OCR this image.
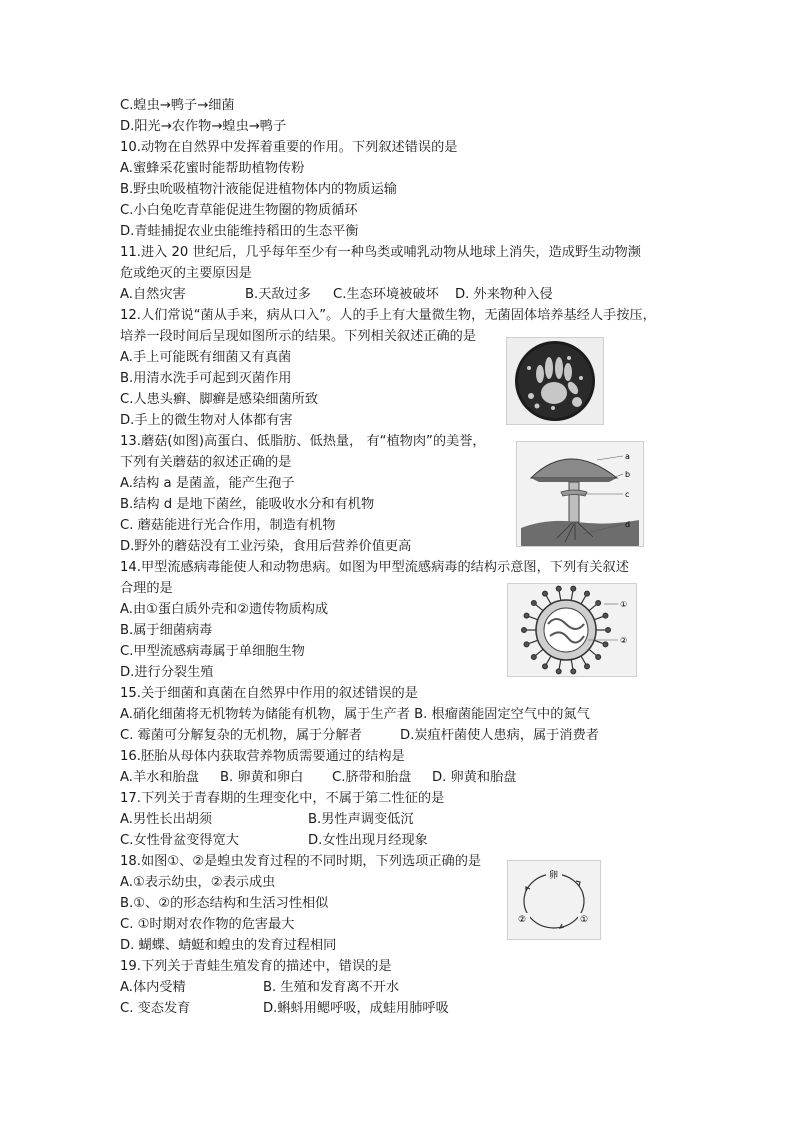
C.蝗虫→鸭子→细菌
D.阳光→农作物→蝗虫→鸭子
10.动物在自然界中发挥着重要的作用。下列叙述错误的是
A.蜜蜂采花蜜时能帮助植物传粉
B.野虫吮吸植物汁液能促进植物体内的物质运输
C.小白兔吃青草能促进生物圈的物质循环
D.青蛙捕捉农业虫能维持稻田的生态平衡
11.进入 20 世纪后，几乎每年至少有一种鸟类或哺乳动物从地球上消失，造成野生动物濒
危或绝灭的主要原因是
A.自然灾害	B.天敌过多 C.生态环境被破坏 D. 外来物种入侵
12.人们常说“菌从手来，病从口入”。人的手上有大量微生物，无菌固体培养基经人手按压，
培养一段时间后呈现如图所示的结果。下列相关叙述正确的是
A.手上可能既有细菌又有真菌
B.用清水洗手可起到灭菌作用
C.人患头癣、脚癣是感染细菌所致
D.手上的微生物对人体都有害
13.蘑菇(如图)高蛋白、低脂肪、低热量， 有“植物肉”的美誉，
下列有关蘑菇的叙述正确的是
A.结构 a 是菌盖，能产生孢子
B.结构 d 是地下菌丝，能吸收水分和有机物
C. 蘑菇能进行光合作用，制造有机物
D.野外的蘑菇没有工业污染，食用后营养价值更高
a
b
c
d
14.甲型流感病毒能使人和动物患病。如图为甲型流感病毒的结构示意图，下列有关叙述
合理的是
A.由①蛋白质外壳和②遗传物质构成
B.属于细菌病毒
C.甲型流感病毒属于单细胞生物
D.进行分裂生殖
①
②
15.关于细菌和真菌在自然界中作用的叙述错误的是
A.硝化细菌将无机物转为储能有机物，属于生产者 B. 根瘤菌能固定空气中的氮气
C. 霉菌可分解复杂的无机物，属于分解者	D.炭疽杆菌使人患病，属于消费者
16.胚胎从母体内获取营养物质需要通过的结构是
A.羊水和胎盘 B. 卵黄和卵白 C.脐带和胎盘 D. 卵黄和胎盘
17.下列关于青春期的生理变化中，不属于第二性征的是
A.男性长出胡须	B.男性声调变低沉
C.女性骨盆变得宽大	D.女性出现月经现象
18.如图①、②是蝗虫发育过程的不同时期，下列选项正确的是
A.①表示幼虫，②表示成虫
B.①、②的形态结构和生活习性相似
C. ①时期对农作物的危害最大
D. 蝴蝶、蜻蜓和蝗虫的发育过程相同
卵
②	①
19.下列关于青蛙生殖发育的描述中，错误的是
A.体内受精	B. 生殖和发育离不开水
C. 变态发育	D.蝌蚪用鳃呼吸，成蛙用肺呼吸
